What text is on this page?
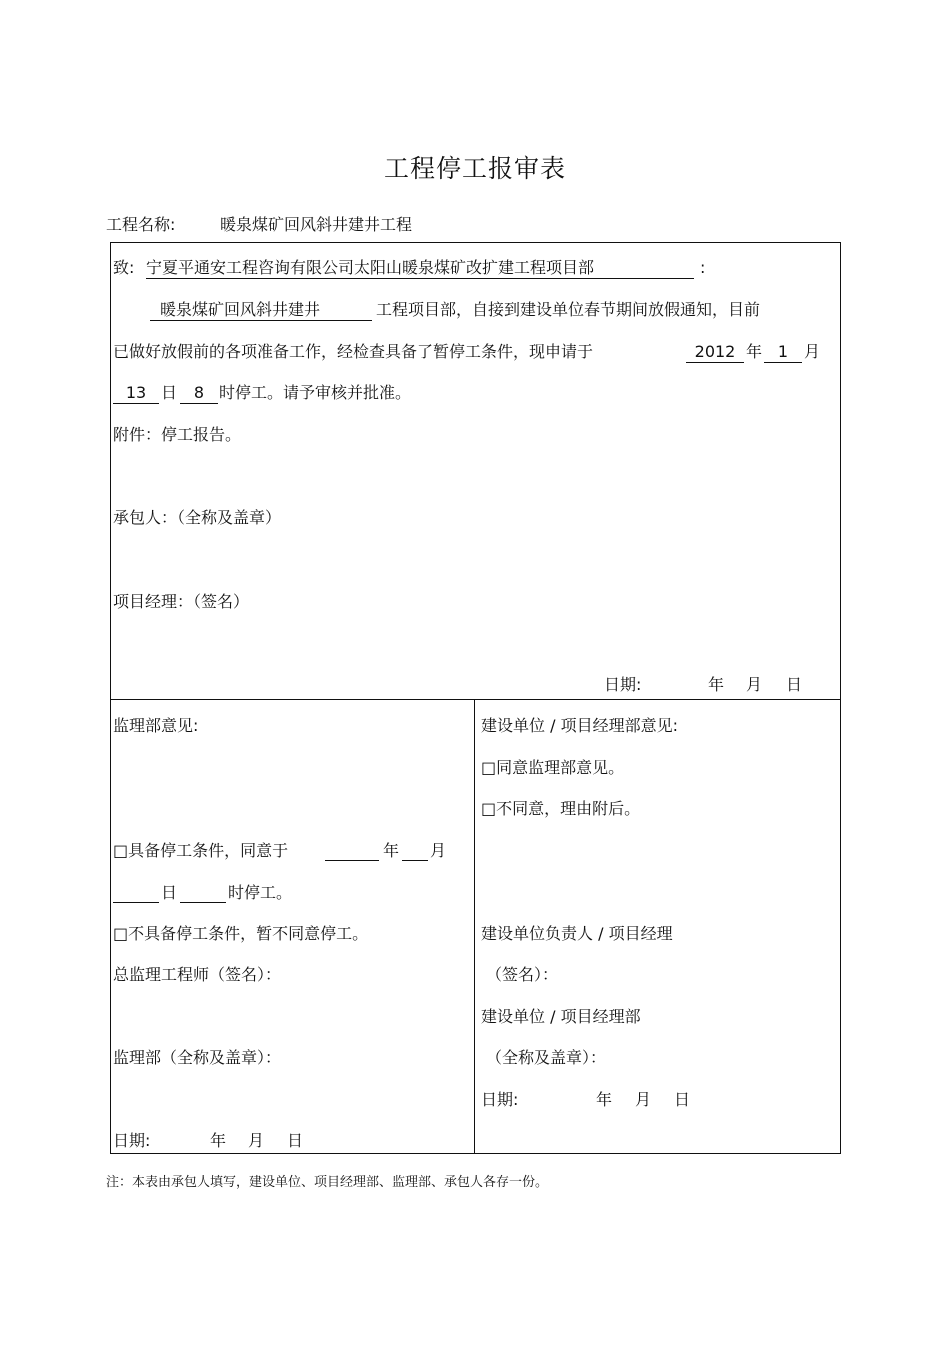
工程停工报审表
工程名称:	暖泉煤矿回风斜井建井工程
致: 宁夏平通安工程咨询有限公司太阳山暖泉煤矿改扩建工程项目部	:
暖泉煤矿回风斜井建井	工程项目部，自接到建设单位春节期间放假通知，目前
已做好放假前的各项准备工作，经检查具备了暂停工条件，现申请于	2012 年 1 月
13 日	8 时停工。请予审核并批准。
附件：停工报告。
承包人：（全称及盖章）
项目经理：（签名）
日期:	年 月 日
监理部意见:
□具备停工条件，同意于	年 月
日	时停工。
□不具备停工条件，暂不同意停工。
总监理工程师（签名）：
监理部（全称及盖章）：
日期:	年 月 日
建设单位 / 项目经理部意见:
□同意监理部意见。
□不同意，理由附后。
建设单位负责人 / 项目经理
（签名）：
建设单位 / 项目经理部
（全称及盖章）：
日期:	年 月 日
注：本表由承包人填写，建设单位、项目经理部、监理部、承包人各存一份。
